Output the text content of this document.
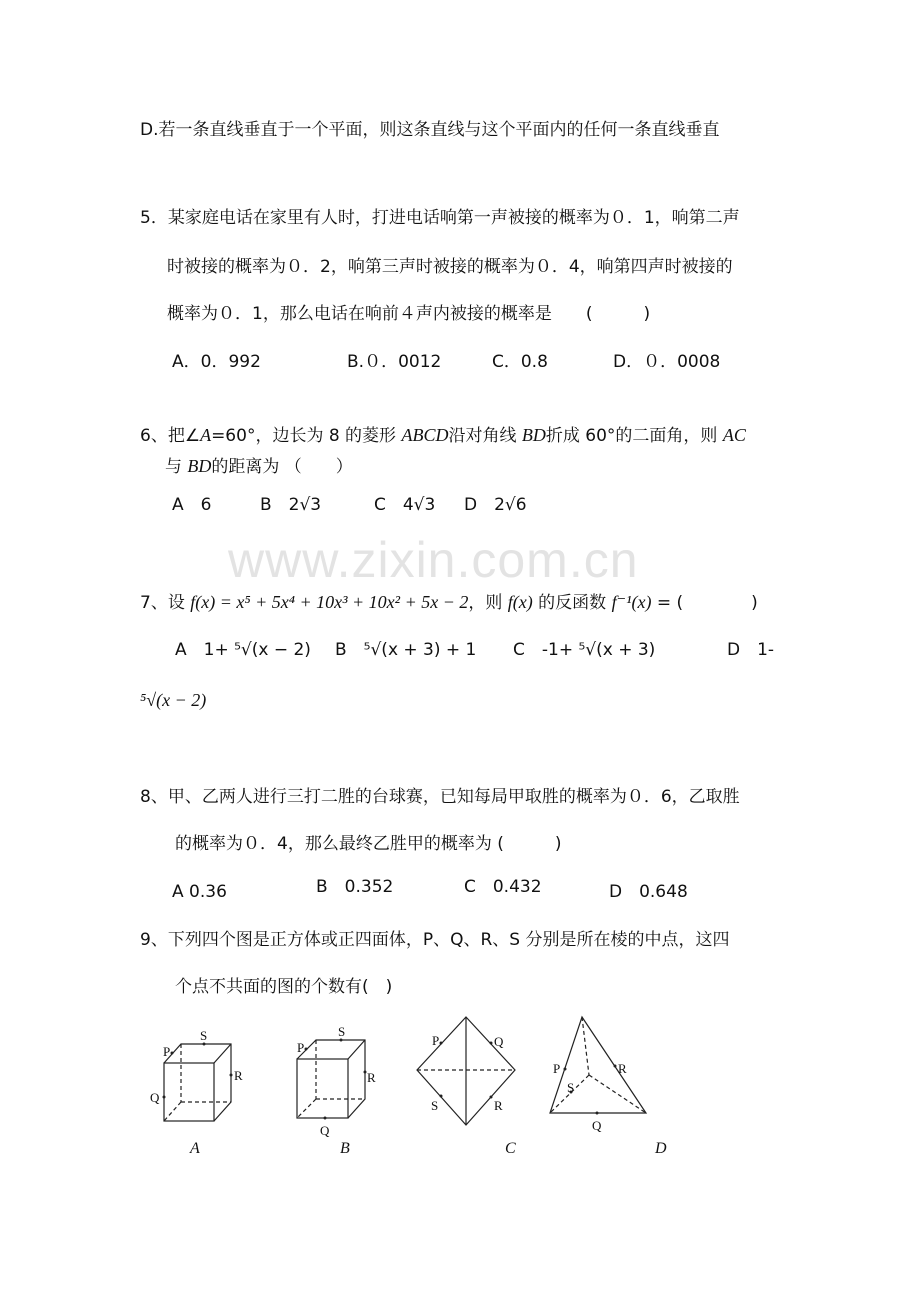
www.zixin.com.cn
D.若一条直线垂直于一个平面，则这条直线与这个平面内的任何一条直线垂直
5．某家庭电话在家里有人时，打进电话响第一声被接的概率为０．1，响第二声
时被接的概率为０．2，响第三声时被接的概率为０．4，响第四声时被接的
概率为０．1，那么电话在响前４声内被接的概率是　　(　　　)
A．0．992	B.０．0012	C．0.8	D．０．0008
6、把∠A=60°，边长为 8 的菱形 ABCD沿对角线 BD折成 60°的二面角，则 AC
与 BD的距离为 （　　）
A　6	B　2√3	C　4√3 D　2√6
7、设 f(x) = x⁵ + 5x⁴ + 10x³ + 10x² + 5x − 2，则 f(x) 的反函数 f⁻¹(x) = (　　　　)
A　1+ ⁵√(x − 2) B　⁵√(x + 3) + 1 C　-1+ ⁵√(x + 3)	D　1-
⁵√(x − 2)
8、甲、乙两人进行三打二胜的台球赛，已知每局甲取胜的概率为０．6，乙取胜
的概率为０．4，那么最终乙胜甲的概率为 (　　　)
A 0.36	B　0.352	C　0.432	D　0.648
9、下列四个图是正方体或正四面体，P、Q、R、S 分别是所在棱的中点，这四
个点不共面的图的个数有(　)
S
P
R
Q
A
S
P
R
Q
B
P	Q
S	R
C
P	R
S
Q
D
